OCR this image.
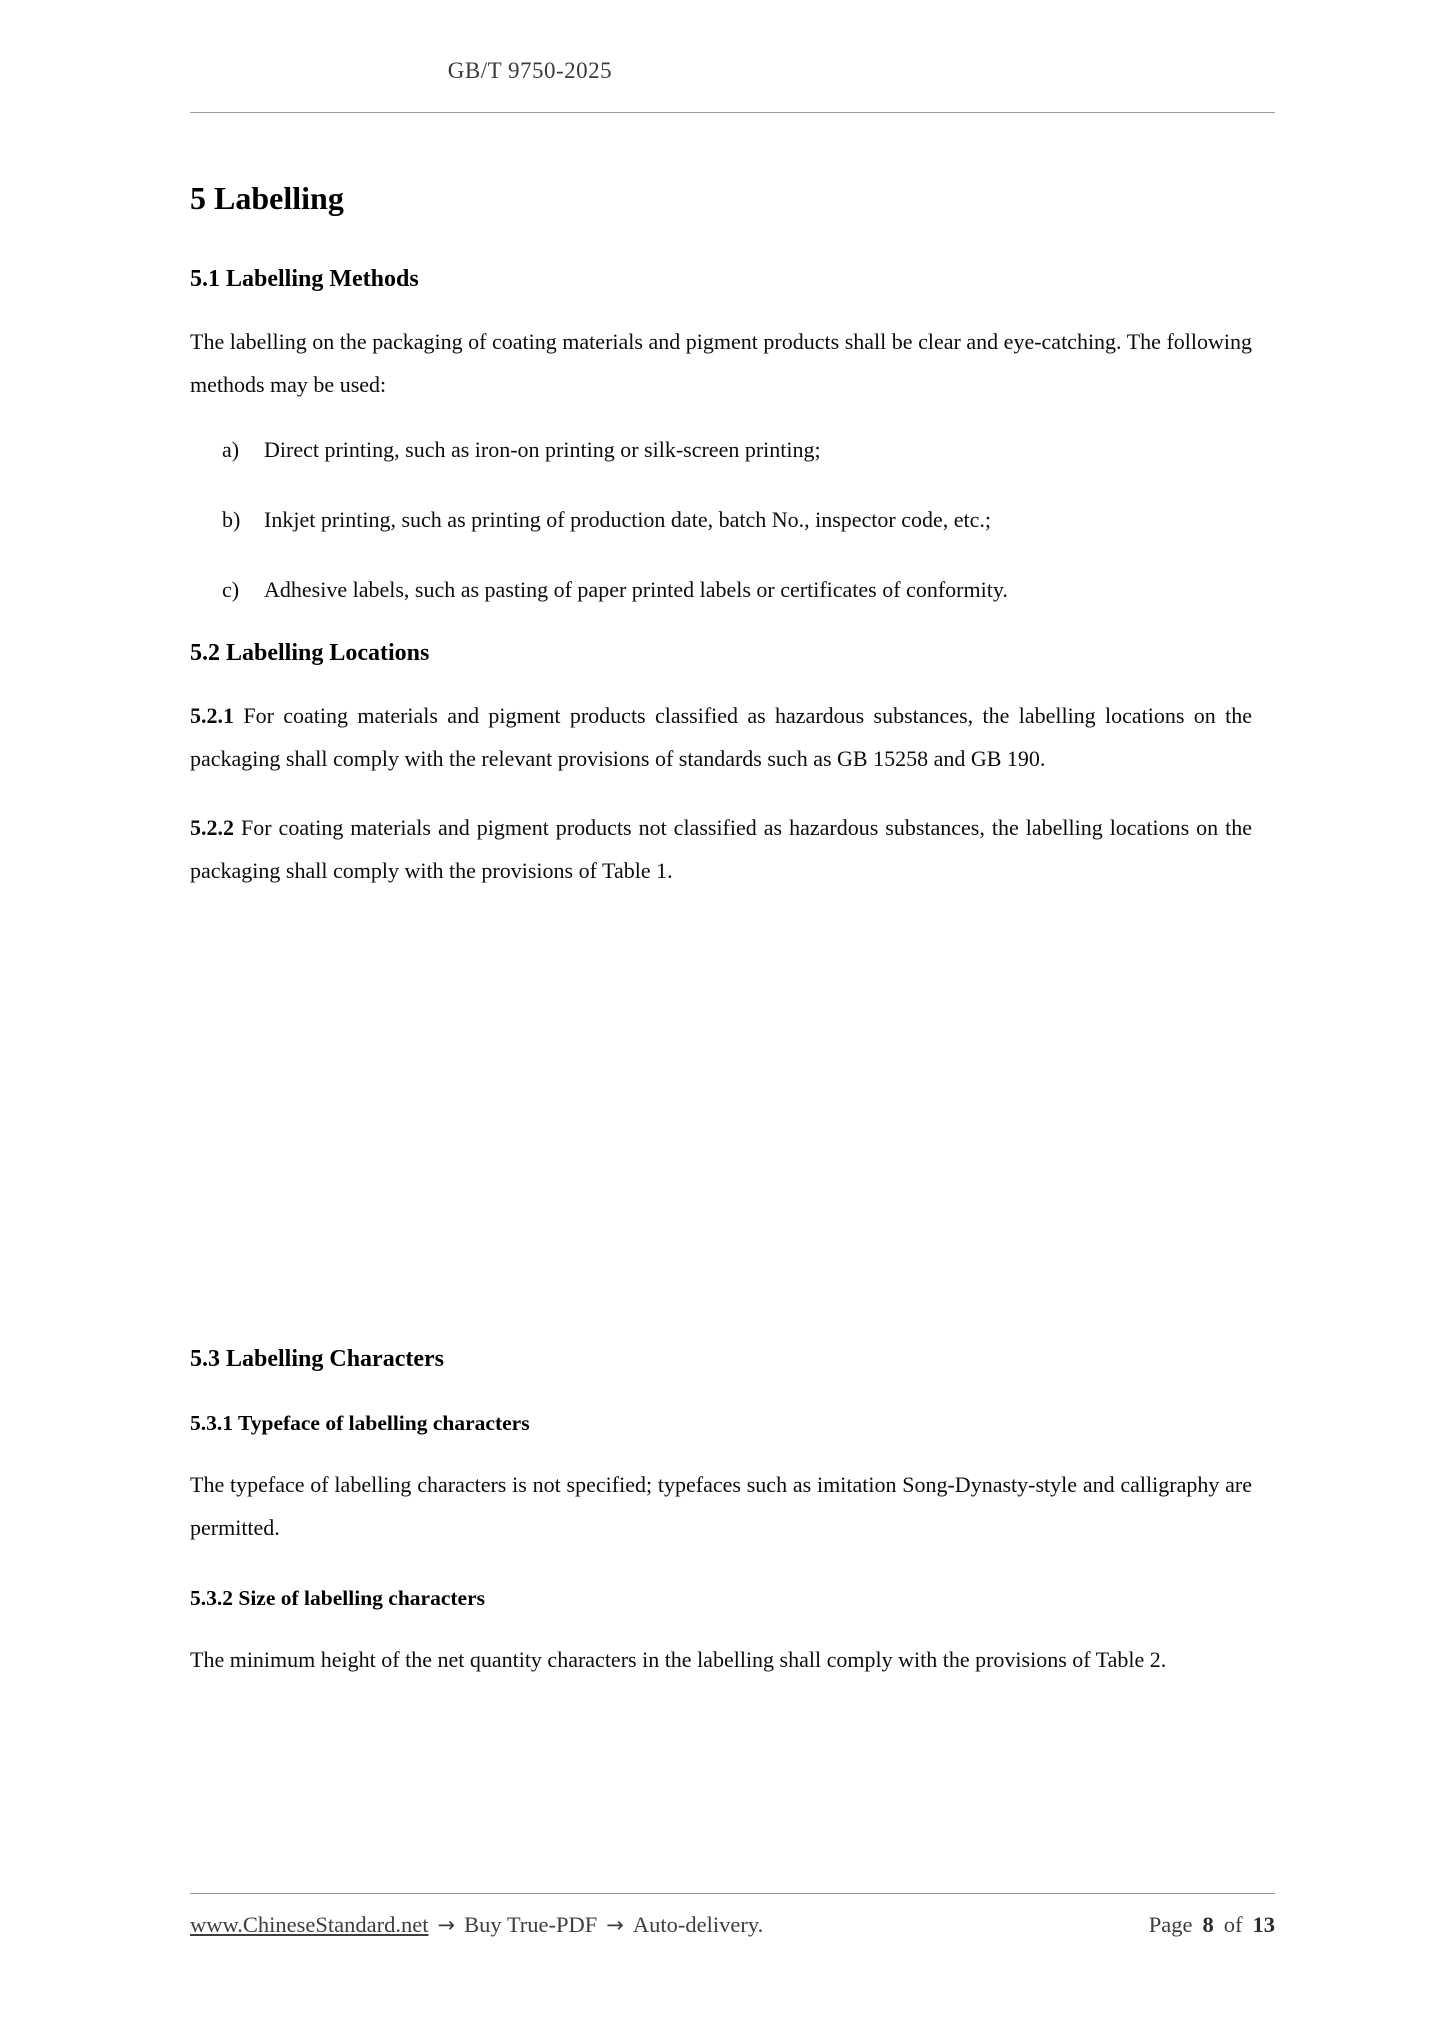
GB/T 9750-2025
5 Labelling
5.1 Labelling Methods

The labelling on the packaging of coating materials and pigment products shall be clear and eye-catching. The following methods may be used:

a)	Direct printing, such as iron-on printing or silk-screen printing;
b)	Inkjet printing, such as printing of production date, batch No., inspector code, etc.;
c)	Adhesive labels, such as pasting of paper printed labels or certificates of conformity.
5.2 Labelling Locations

5.2.1 For coating materials and pigment products classified as hazardous substances, the labelling locations on the packaging shall comply with the relevant provisions of standards such as GB 15258 and GB 190.

5.2.2 For coating materials and pigment products not classified as hazardous substances, the labelling locations on the packaging shall comply with the provisions of Table 1.

5.3 Labelling Characters
5.3.1 Typeface of labelling characters

The typeface of labelling characters is not specified; typefaces such as imitation Song-Dynasty-style and calligraphy are permitted.

5.3.2 Size of labelling characters

The minimum height of the net quantity characters in the labelling shall comply with the provisions of Table 2.

www.ChineseStandard.net → Buy True-PDF → Auto-delivery.	Page 8 of 13
